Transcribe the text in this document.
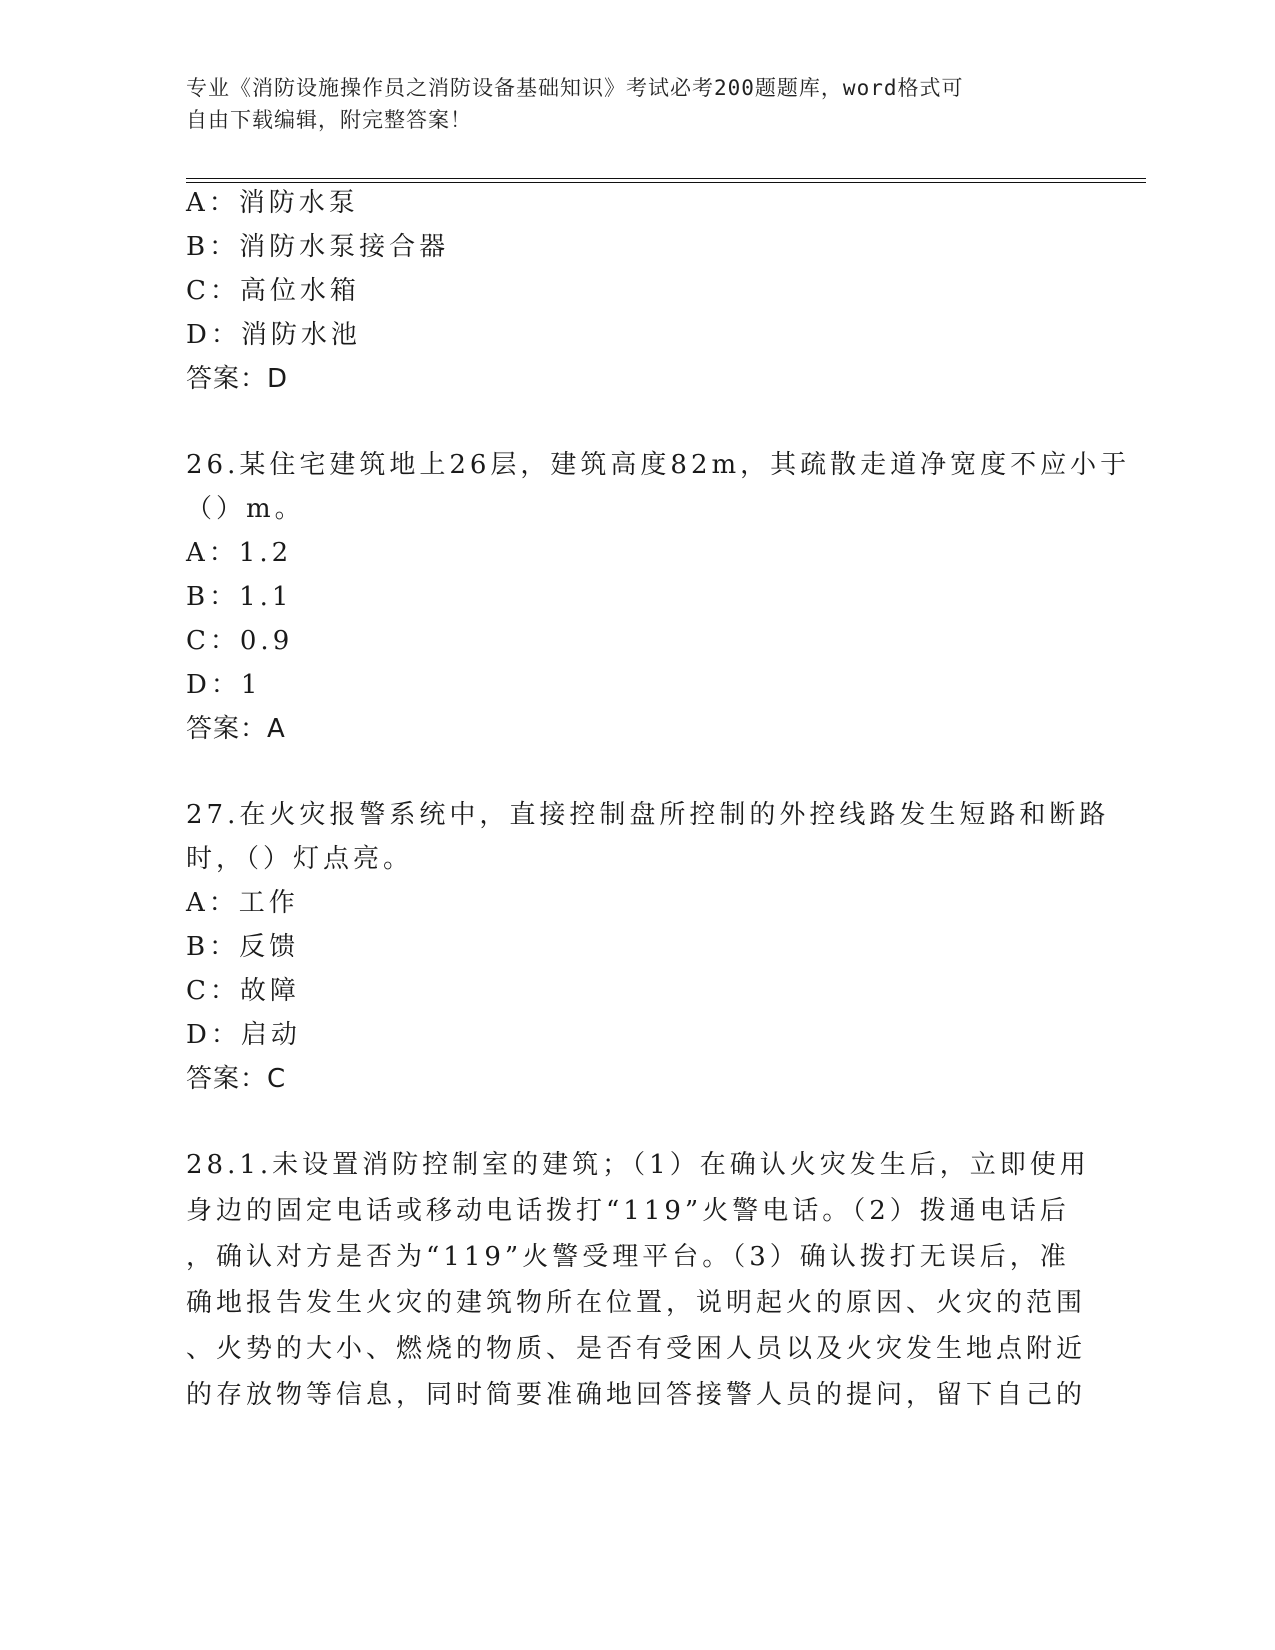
专业《消防设施操作员之消防设备基础知识》考试必考200题题库，word格式可
自由下载编辑，附完整答案！
A：消防水泵
B：消防水泵接合器
C：高位水箱
D：消防水池
答案：D
26.某住宅建筑地上26层，建筑高度82m，其疏散走道净宽度不应小于
（）m。
A：1.2
B：1.1
C：0.9
D：1
答案：A
27.在火灾报警系统中，直接控制盘所控制的外控线路发生短路和断路
时，（）灯点亮。
A：工作
B：反馈
C：故障
D：启动
答案：C
28.1.未设置消防控制室的建筑；（1）在确认火灾发生后，立即使用
身边的固定电话或移动电话拨打“119”火警电话。（2）拨通电话后
，确认对方是否为“119”火警受理平台。（3）确认拨打无误后，准
确地报告发生火灾的建筑物所在位置，说明起火的原因、火灾的范围
、火势的大小、燃烧的物质、是否有受困人员以及火灾发生地点附近
的存放物等信息，同时简要准确地回答接警人员的提问，留下自己的
